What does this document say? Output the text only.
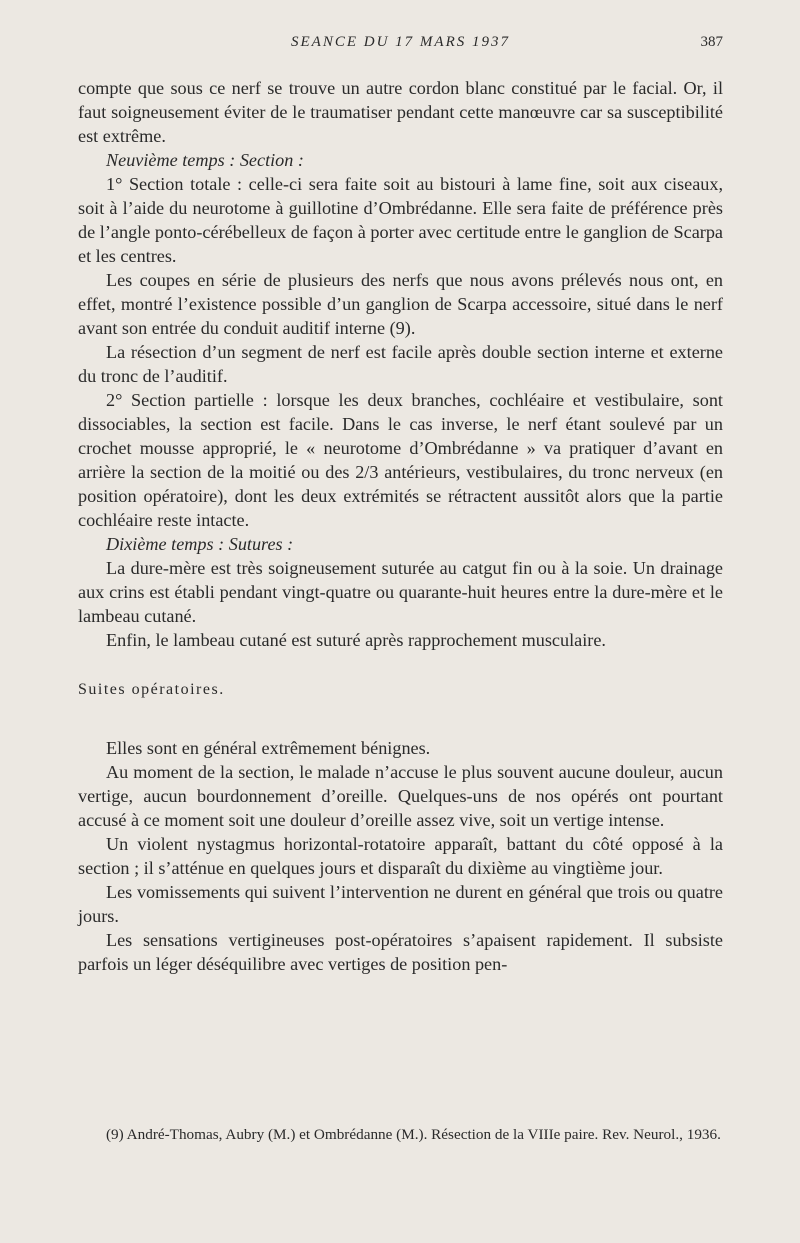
SEANCE DU 17 MARS 1937	387

compte que sous ce nerf se trouve un autre cordon blanc constitué par le facial. Or, il faut soigneusement éviter de le traumatiser pendant cette manœuvre car sa susceptibilité est extrême.

Neuvième temps : Section :

1° Section totale : celle-ci sera faite soit au bistouri à lame fine, soit aux ciseaux, soit à l’aide du neurotome à guillotine d’Ombrédanne. Elle sera faite de préférence près de l’angle ponto-cérébelleux de façon à porter avec certitude entre le ganglion de Scarpa et les centres.

Les coupes en série de plusieurs des nerfs que nous avons prélevés nous ont, en effet, montré l’existence possible d’un ganglion de Scarpa accessoire, situé dans le nerf avant son entrée du conduit auditif interne (9).

La résection d’un segment de nerf est facile après double section interne et externe du tronc de l’auditif.

2° Section partielle : lorsque les deux branches, cochléaire et vestibulaire, sont dissociables, la section est facile. Dans le cas inverse, le nerf étant soulevé par un crochet mousse approprié, le « neurotome d’Ombrédanne » va pratiquer d’avant en arrière la section de la moitié ou des 2/3 antérieurs, vestibulaires, du tronc nerveux (en position opératoire), dont les deux extrémités se rétractent aussitôt alors que la partie cochléaire reste intacte.

Dixième temps : Sutures :

La dure-mère est très soigneusement suturée au catgut fin ou à la soie. Un drainage aux crins est établi pendant vingt-quatre ou quarante-huit heures entre la dure-mère et le lambeau cutané.

Enfin, le lambeau cutané est suturé après rapprochement musculaire.

Suites opératoires.

Elles sont en général extrêmement bénignes.

Au moment de la section, le malade n’accuse le plus souvent aucune douleur, aucun vertige, aucun bourdonnement d’oreille. Quelques-uns de nos opérés ont pourtant accusé à ce moment soit une douleur d’oreille assez vive, soit un vertige intense.

Un violent nystagmus horizontal-rotatoire apparaît, battant du côté opposé à la section ; il s’atténue en quelques jours et disparaît du dixième au vingtième jour.

Les vomissements qui suivent l’intervention ne durent en général que trois ou quatre jours.

Les sensations vertigineuses post-opératoires s’apaisent rapidement. Il subsiste parfois un léger déséquilibre avec vertiges de position pen-

(9) André-Thomas, Aubry (M.) et Ombrédanne (M.). Résection de la VIIIe paire. Rev. Neurol., 1936.
